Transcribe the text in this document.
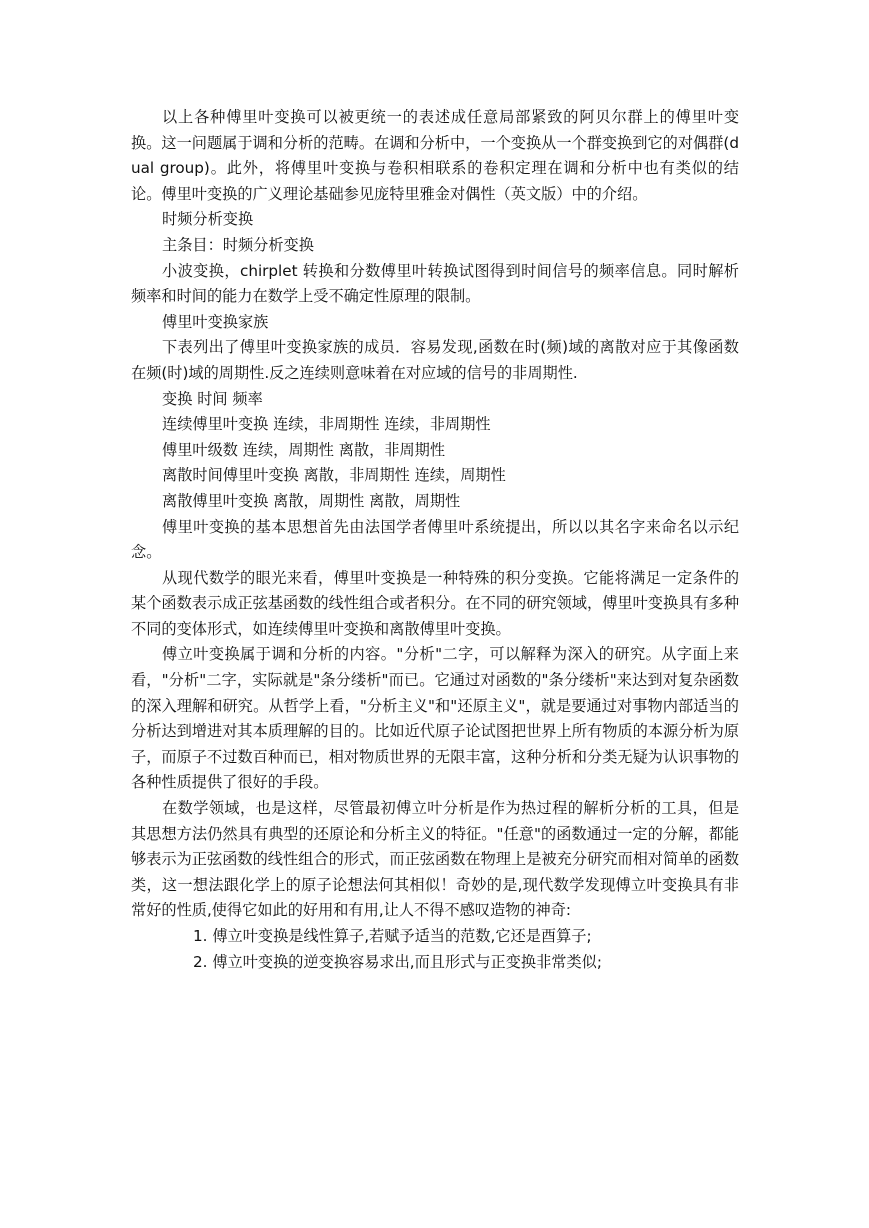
以上各种傅里叶变换可以被更统一的表述成任意局部紧致的阿贝尔群上的傅里叶变换。这一问题属于调和分析的范畴。在调和分析中，一个变换从一个群变换到它的对偶群(dual group)。此外，将傅里叶变换与卷积相联系的卷积定理在调和分析中也有类似的结论。傅里叶变换的广义理论基础参见庞特里雅金对偶性（英文版）中的介绍。

时频分析变换

主条目：时频分析变换

小波变换，chirplet 转换和分数傅里叶转换试图得到时间信号的频率信息。同时解析频率和时间的能力在数学上受不确定性原理的限制。

傅里叶变换家族

下表列出了傅里叶变换家族的成员．容易发现,函数在时(频)域的离散对应于其像函数在频(时)域的周期性.反之连续则意味着在对应域的信号的非周期性.

变换 时间 频率

连续傅里叶变换 连续，非周期性 连续，非周期性

傅里叶级数 连续，周期性 离散，非周期性

离散时间傅里叶变换 离散，非周期性 连续，周期性

离散傅里叶变换 离散，周期性 离散，周期性

傅里叶变换的基本思想首先由法国学者傅里叶系统提出，所以以其名字来命名以示纪念。

从现代数学的眼光来看，傅里叶变换是一种特殊的积分变换。它能将满足一定条件的某个函数表示成正弦基函数的线性组合或者积分。在不同的研究领域，傅里叶变换具有多种不同的变体形式，如连续傅里叶变换和离散傅里叶变换。

傅立叶变换属于调和分析的内容。"分析"二字，可以解释为深入的研究。从字面上来看，"分析"二字，实际就是"条分缕析"而已。它通过对函数的"条分缕析"来达到对复杂函数的深入理解和研究。从哲学上看，"分析主义"和"还原主义"，就是要通过对事物内部适当的分析达到增进对其本质理解的目的。比如近代原子论试图把世界上所有物质的本源分析为原子，而原子不过数百种而已，相对物质世界的无限丰富，这种分析和分类无疑为认识事物的各种性质提供了很好的手段。

在数学领域，也是这样，尽管最初傅立叶分析是作为热过程的解析分析的工具，但是其思想方法仍然具有典型的还原论和分析主义的特征。"任意"的函数通过一定的分解，都能够表示为正弦函数的线性组合的形式，而正弦函数在物理上是被充分研究而相对简单的函数类，这一想法跟化学上的原子论想法何其相似！奇妙的是,现代数学发现傅立叶变换具有非常好的性质,使得它如此的好用和有用,让人不得不感叹造物的神奇:

1. 傅立叶变换是线性算子,若赋予适当的范数,它还是酉算子;

2. 傅立叶变换的逆变换容易求出,而且形式与正变换非常类似;
